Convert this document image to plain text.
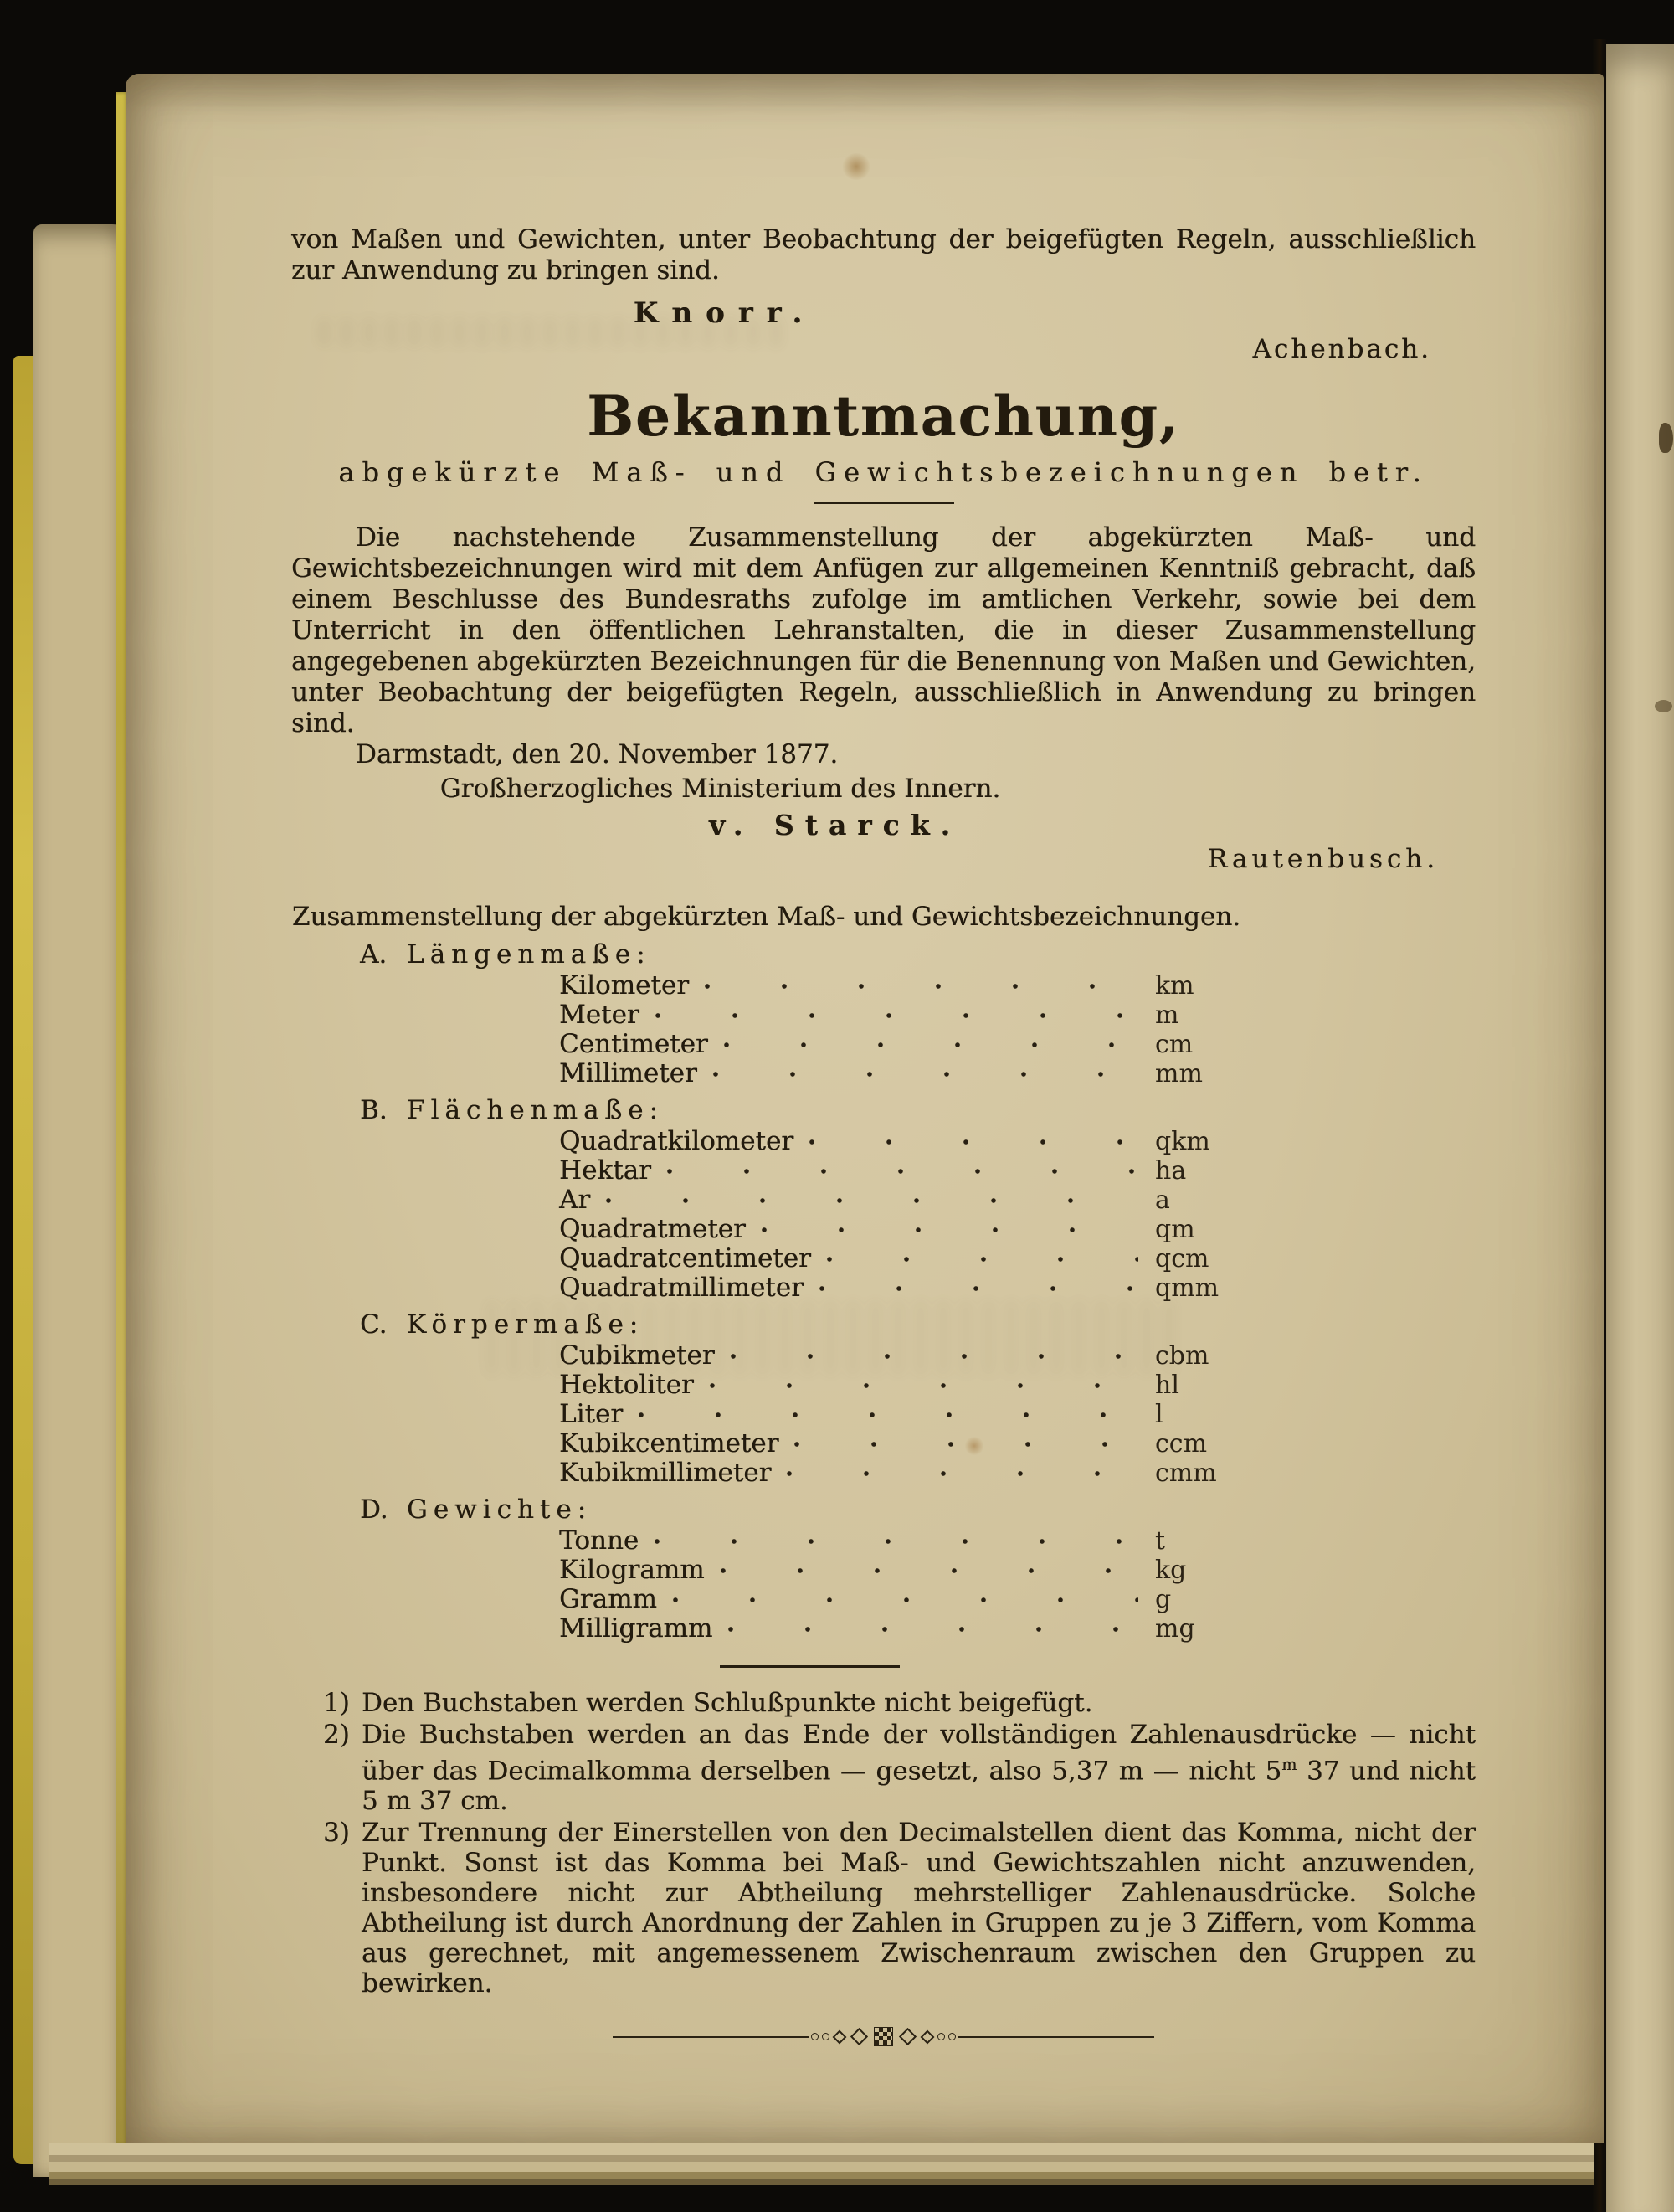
von Maßen und Gewichten, unter Beobachtung der beigefügten Regeln, ausschließlich zur Anwendung zu bringen sind.

Knorr.
Achenbach.
Bekanntmachung,
abgekürzte Maß- und Gewichtsbezeichnungen betr.

Die nachstehende Zusammenstellung der abgekürzten Maß- und Gewichtsbezeichnungen wird mit dem Anfügen zur allgemeinen Kenntniß gebracht, daß einem Beschlusse des Bundesraths zufolge im amtlichen Verkehr, sowie bei dem Unterricht in den öffentlichen Lehranstalten, die in dieser Zusammenstellung angegebenen abgekürzten Bezeichnungen für die Benennung von Maßen und Gewichten, unter Beobachtung der beigefügten Regeln, ausschließlich in Anwendung zu bringen sind.

Darmstadt, den 20. November 1877.
Großherzogliches Ministerium des Innern.
v. Starck.
Rautenbusch.
Zusammenstellung der abgekürzten Maß- und Gewichtsbezeichnungen.
A. Längenmaße:
Kilometer	km
Meter	m
Centimeter	cm
Millimeter	mm
B. Flächenmaße:
Quadratkilometer	qkm
Hektar	ha
Ar	a
Quadratmeter	qm
Quadratcentimeter	qcm
Quadratmillimeter	qmm
C. Körpermaße:
Cubikmeter	cbm
Hektoliter	hl
Liter	l
Kubikcentimeter	ccm
Kubikmillimeter	cmm
D. Gewichte:
Tonne	t
Kilogramm	kg
Gramm	g
Milligramm	mg
1) Den Buchstaben werden Schlußpunkte nicht beigefügt.
2) Die Buchstaben werden an das Ende der vollständigen Zahlenausdrücke — nicht über das Decimalkomma derselben — gesetzt, also 5,37 m — nicht 5$^m$ 37 und nicht 5 m 37 cm.
3) Zur Trennung der Einerstellen von den Decimalstellen dient das Komma, nicht der Punkt. Sonst ist das Komma bei Maß- und Gewichtszahlen nicht anzuwenden, insbesondere nicht zur Abtheilung mehrstelliger Zahlenausdrücke. Solche Abtheilung ist durch Anordnung der Zahlen in Gruppen zu je 3 Ziffern, vom Komma aus gerechnet, mit angemessenem Zwischenraum zwischen den Gruppen zu bewirken.
